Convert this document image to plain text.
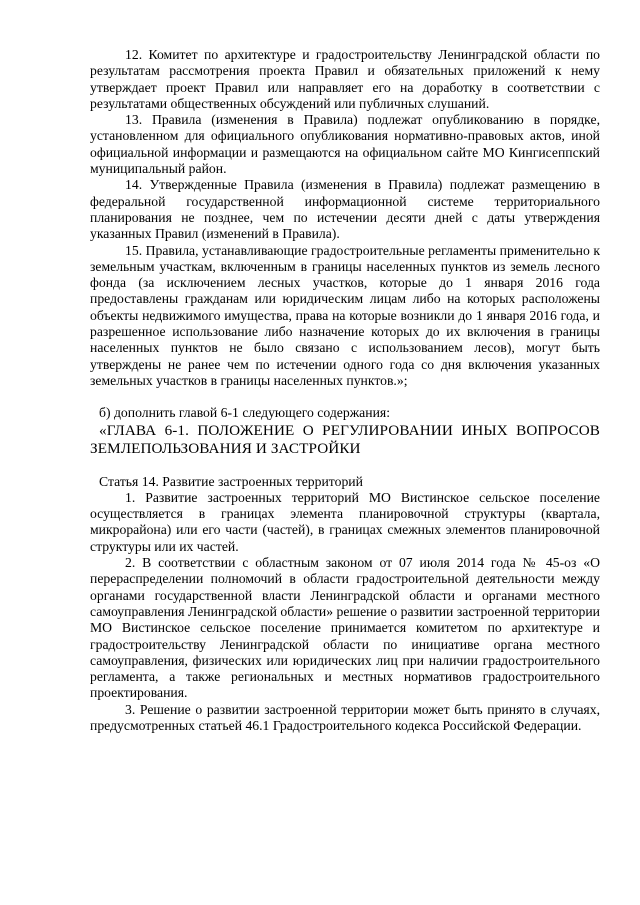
12. Комитет по архитектуре и градостроительству Ленинградской области по результатам рассмотрения проекта Правил и обязательных приложений к нему утверждает проект Правил или направляет его на доработку в соответствии с результатами общественных обсуждений или публичных слушаний.

13. Правила (изменения в Правила) подлежат опубликованию в порядке, установленном для официального опубликования нормативно-правовых актов, иной официальной информации и размещаются на официальном сайте МО Кингисеппский муниципальный район.

14. Утвержденные Правила (изменения в Правила) подлежат размещению в федеральной государственной информационной системе территориального планирования не позднее, чем по истечении десяти дней с даты утверждения указанных Правил (изменений в Правила).

15. Правила, устанавливающие градостроительные регламенты применительно к земельным участкам, включенным в границы населенных пунктов из земель лесного фонда (за исключением лесных участков, которые до 1 января 2016 года предоставлены гражданам или юридическим лицам либо на которых расположены объекты недвижимого имущества, права на которые возникли до 1 января 2016 года, и разрешенное использование либо назначение которых до их включения в границы населенных пунктов не было связано с использованием лесов), могут быть утверждены не ранее чем по истечении одного года со дня включения указанных земельных участков в границы населенных пунктов.»;

б) дополнить главой 6-1 следующего содержания:

«ГЛАВА 6-1. ПОЛОЖЕНИЕ О РЕГУЛИРОВАНИИ ИНЫХ ВОПРОСОВ ЗЕМЛЕПОЛЬЗОВАНИЯ И ЗАСТРОЙКИ

Статья 14. Развитие застроенных территорий

1. Развитие застроенных территорий МО Вистинское сельское поселение осуществляется в границах элемента планировочной структуры (квартала, микрорайона) или его части (частей), в границах смежных элементов планировочной структуры или их частей.

2. В соответствии с областным законом от 07 июля 2014 года № 45-оз «О перераспределении полномочий в области градостроительной деятельности между органами государственной власти Ленинградской области и органами местного самоуправления Ленинградской области» решение о развитии застроенной территории МО Вистинское сельское поселение принимается комитетом по архитектуре и градостроительству Ленинградской области по инициативе органа местного самоуправления, физических или юридических лиц при наличии градостроительного регламента, а также региональных и местных нормативов градостроительного проектирования.

3. Решение о развитии застроенной территории может быть принято в случаях, предусмотренных статьей 46.1 Градостроительного кодекса Российской Федерации.
